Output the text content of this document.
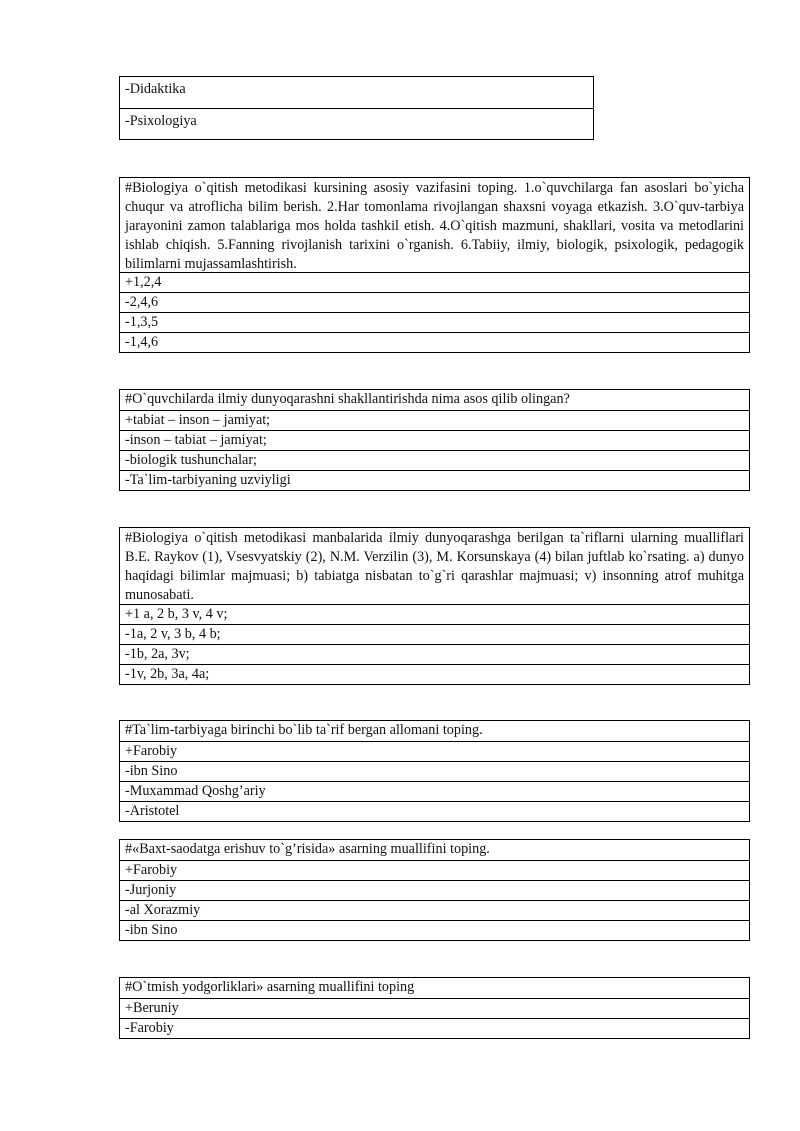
-Didaktika
-Psixologiya
#Biologiya o`qitish metodikasi kursining asosiy vazifasini toping. 1.o`quvchilarga fan asoslari bo`yicha chuqur va atroflicha bilim berish. 2.Har tomonlama rivojlangan shaxsni voyaga etkazish. 3.O`quv-tarbiya jarayonini zamon talablariga mos holda tashkil etish. 4.O`qitish mazmuni, shakllari, vosita va metodlarini ishlab chiqish. 5.Fanning rivojlanish tarixini o`rganish. 6.Tabiiy, ilmiy, biologik, psixologik, pedagogik bilimlarni mujassamlashtirish.
+1,2,4
-2,4,6
-1,3,5
-1,4,6
#O`quvchilarda ilmiy dunyoqarashni shakllantirishda nima asos qilib olingan?
+tabiat – inson – jamiyat;
-inson – tabiat – jamiyat;
-biologik tushunchalar;
-Ta`lim-tarbiyaning uzviyligi
#Biologiya o`qitish metodikasi manbalarida ilmiy dunyoqarashga berilgan ta`riflarni ularning mualliflari B.E. Raykov (1), Vsesvyatskiy (2), N.M. Verzilin (3), M. Korsunskaya (4) bilan juftlab ko`rsating. a) dunyo haqidagi bilimlar majmuasi; b) tabiatga nisbatan to`g`ri qarashlar majmuasi; v) insonning atrof muhitga munosabati.
+1 a, 2 b, 3 v, 4 v;
-1a, 2 v, 3 b, 4 b;
-1b, 2a, 3v;
-1v, 2b, 3a, 4a;
#Ta`lim-tarbiyaga birinchi bo`lib ta`rif bergan allomani toping.
+Farobiy
-ibn Sino
-Muxammad Qoshg’ariy
-Aristotel
#«Baxt-saodatga erishuv to`g’risida» asarning muallifini toping.
+Farobiy
-Jurjoniy
-al Xorazmiy
-ibn Sino
#O`tmish yodgorliklari» asarning muallifini toping
+Beruniy
-Farobiy
